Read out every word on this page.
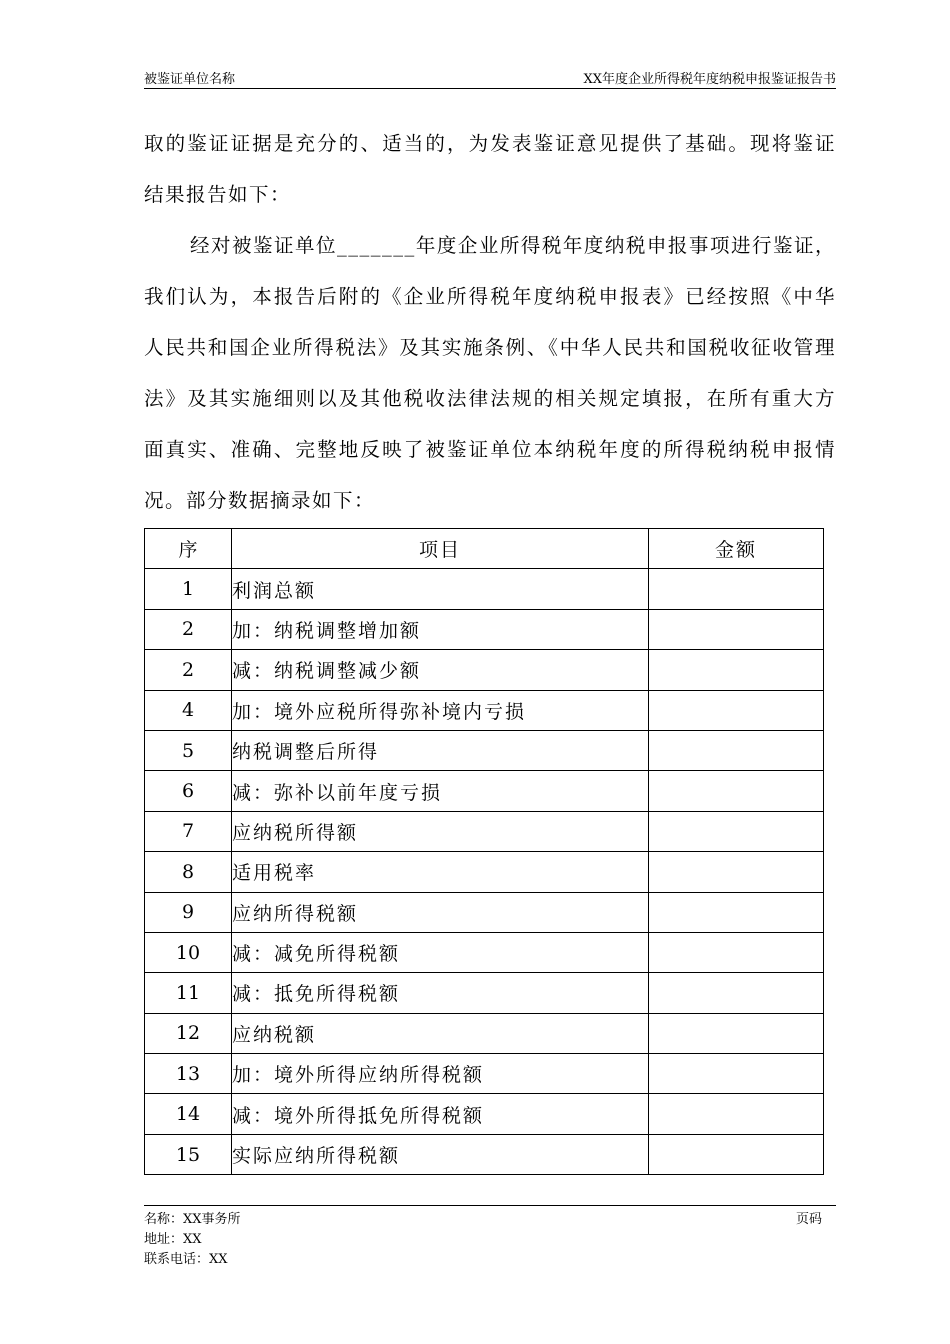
被鉴证单位名称	XX年度企业所得税年度纳税申报鉴证报告书

取的鉴证证据是充分的、适当的，为发表鉴证意见提供了基础。现将鉴证结果报告如下：

经对被鉴证单位_______年度企业所得税年度纳税申报事项进行鉴证，我们认为，本报告后附的《企业所得税年度纳税申报表》已经按照《中华人民共和国企业所得税法》及其实施条例、《中华人民共和国税收征收管理法》及其实施细则以及其他税收法律法规的相关规定填报，在所有重大方面真实、准确、完整地反映了被鉴证单位本纳税年度的所得税纳税申报情况。部分数据摘录如下：

序	项目	金额
1	利润总额	
2	加：纳税调整增加额	
2	减：纳税调整减少额	
4	加：境外应税所得弥补境内亏损	
5	纳税调整后所得	
6	减：弥补以前年度亏损	
7	应纳税所得额	
8	适用税率	
9	应纳所得税额	
10	减：减免所得税额	
11	减：抵免所得税额	
12	应纳税额	
13	加：境外所得应纳所得税额	
14	减：境外所得抵免所得税额	
15	实际应纳所得税额	
名称：XX事务所
地址：XX
联系电话：XX
页码
